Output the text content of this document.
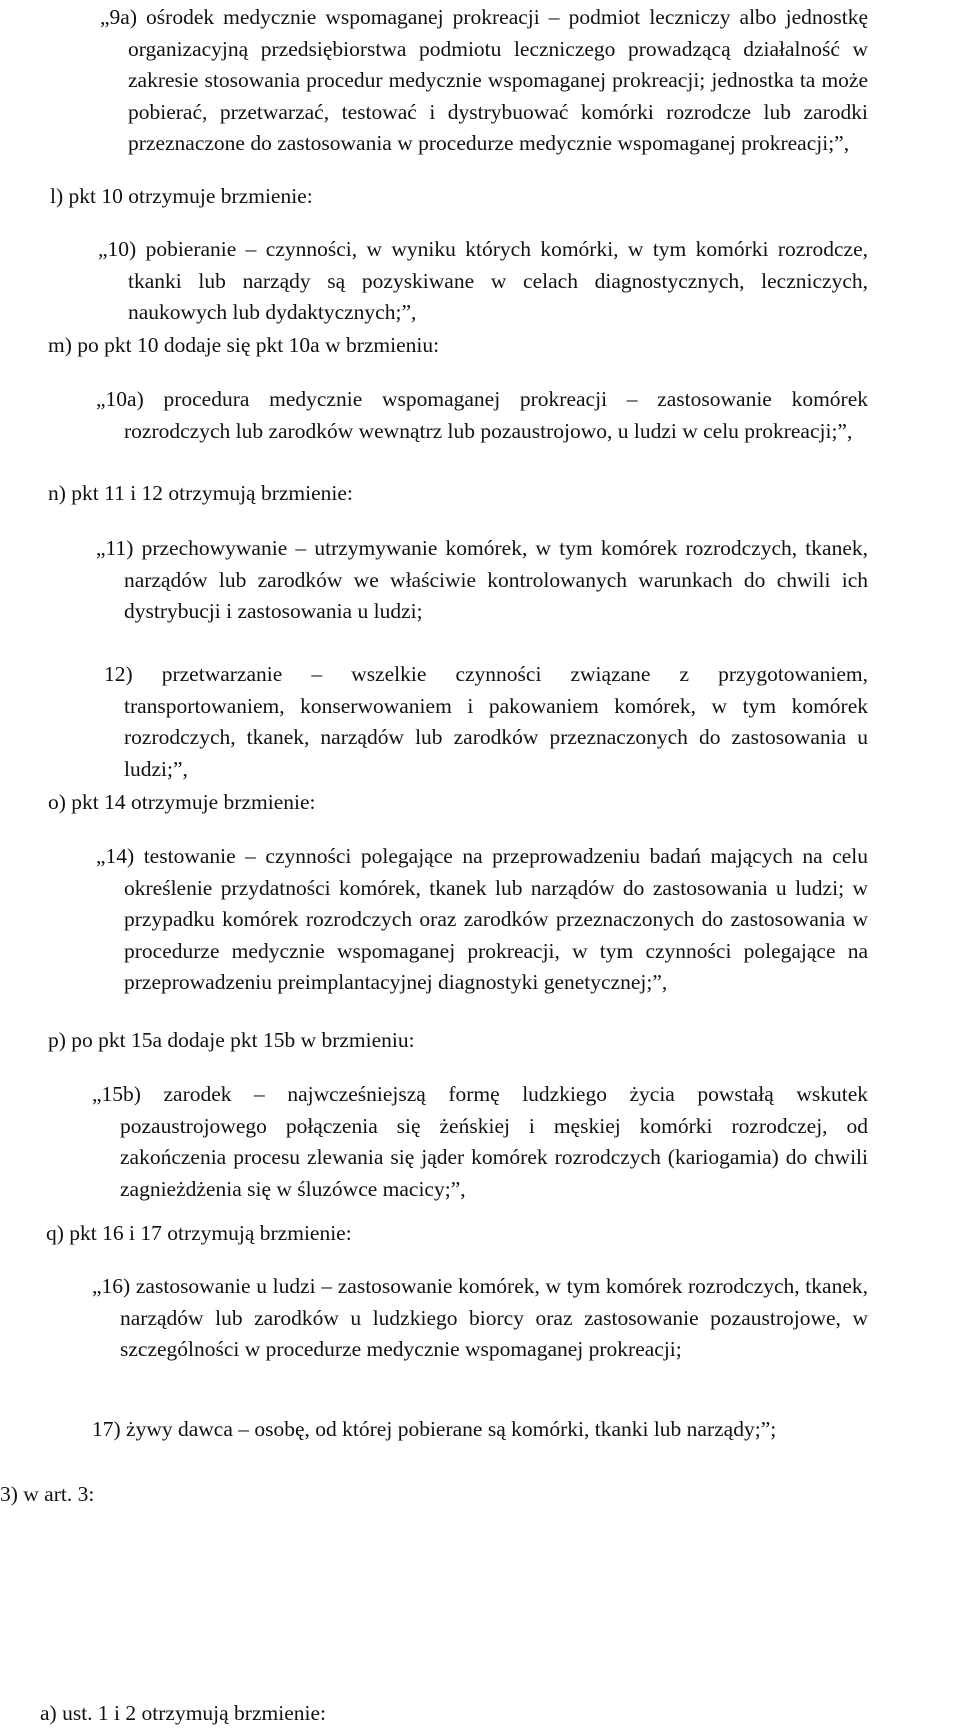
„9a) ośrodek medycznie wspomaganej prokreacji – podmiot leczniczy albo jednostkę organizacyjną przedsiębiorstwa podmiotu leczniczego prowadzącą działalność w zakresie stosowania procedur medycznie wspomaganej prokreacji; jednostka ta może pobierać, przetwarzać, testować i dystrybuować komórki rozrodcze lub zarodki przeznaczone do zastosowania w procedurze medycznie wspomaganej prokreacji;”,

l) pkt 10 otrzymuje brzmienie:

„10) pobieranie – czynności, w wyniku których komórki, w tym komórki rozrodcze, tkanki lub narządy są pozyskiwane w celach diagnostycznych, leczniczych, naukowych lub dydaktycznych;”,

m) po pkt 10 dodaje się pkt 10a w brzmieniu:

„10a) procedura medycznie wspomaganej prokreacji – zastosowanie komórek rozrodczych lub zarodków wewnątrz lub pozaustrojowo, u ludzi w celu prokreacji;”,

n) pkt 11 i 12 otrzymują brzmienie:

„11) przechowywanie – utrzymywanie komórek, w tym komórek rozrodczych, tkanek, narządów lub zarodków we właściwie kontrolowanych warunkach do chwili ich dystrybucji i zastosowania u ludzi;

12) przetwarzanie – wszelkie czynności związane z przygotowaniem, transportowaniem, konserwowaniem i pakowaniem komórek, w tym komórek rozrodczych, tkanek, narządów lub zarodków przeznaczonych do zastosowania u ludzi;”,

o) pkt 14 otrzymuje brzmienie:

„14) testowanie – czynności polegające na przeprowadzeniu badań mających na celu określenie przydatności komórek, tkanek lub narządów do zastosowania u ludzi; w przypadku komórek rozrodczych oraz zarodków przeznaczonych do zastosowania w procedurze medycznie wspomaganej prokreacji, w tym czynności polegające na przeprowadzeniu preimplantacyjnej diagnostyki genetycznej;”,

p) po pkt 15a dodaje pkt 15b w brzmieniu:

„15b) zarodek – najwcześniejszą formę ludzkiego życia powstałą wskutek pozaustrojowego połączenia się żeńskiej i męskiej komórki rozrodczej, od zakończenia procesu zlewania się jąder komórek rozrodczych (kariogamia) do chwili zagnieżdżenia się w śluzówce macicy;”,

q) pkt 16 i 17 otrzymują brzmienie:

„16) zastosowanie u ludzi – zastosowanie komórek, w tym komórek rozrodczych, tkanek, narządów lub zarodków u ludzkiego biorcy oraz zastosowanie pozaustrojowe, w szczególności w procedurze medycznie wspomaganej prokreacji;

17) żywy dawca – osobę, od której pobierane są komórki, tkanki lub narządy;”;

3) w art. 3:

a) ust. 1 i 2 otrzymują brzmienie:
